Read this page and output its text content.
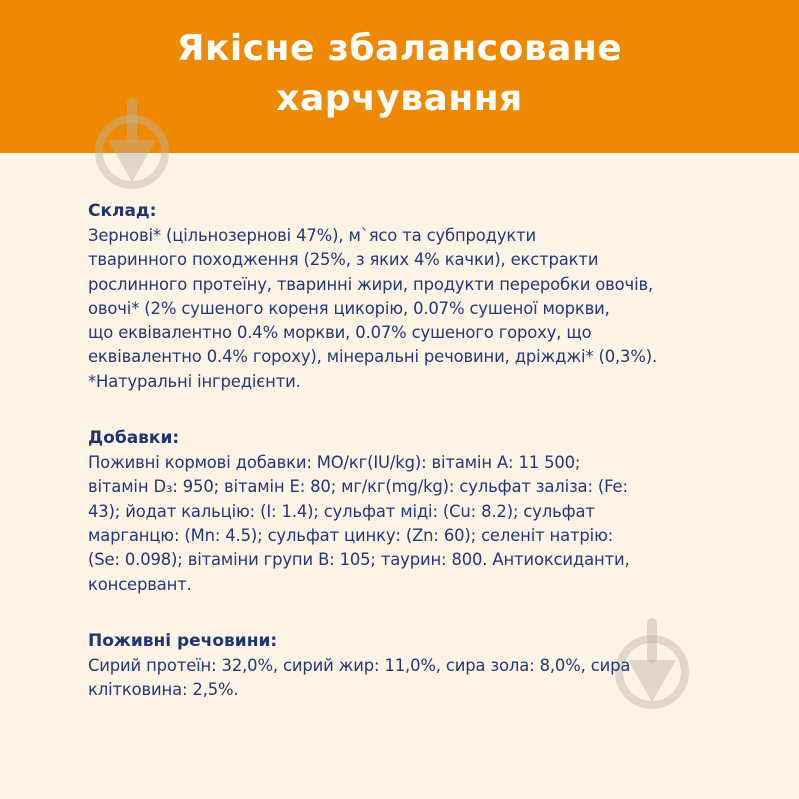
Якісне збалансоване
харчування
Склад:
Зернові* (цільнозернові 47%), м`ясо та субпродукти
тваринного походження (25%, з яких 4% качки), екстракти
рослинного протеїну, тваринні жири, продукти переробки овочів,
овочі* (2% сушеного кореня цикорію, 0.07% сушеної моркви,
що еквівалентно 0.4% моркви, 0.07% сушеного гороху, що
еквівалентно 0.4% гороху), мінеральні речовини, дріжджі* (0,3%).
*Натуральні інгредієнти.
Добавки:
Поживні кормові добавки: МО/кг(IU/kg): вітамін А: 11 500;
вітамін D₃: 950; вітамін Е: 80; мг/кг(mg/kg): сульфат заліза: (Fe:
43); йодат кальцію: (I: 1.4); сульфат міді: (Cu: 8.2); сульфат
марганцю: (Mn: 4.5); сульфат цинку: (Zn: 60); селеніт натрію:
(Se: 0.098); вітаміни групи В: 105; таурин: 800. Антиоксиданти,
консервант.
Поживні речовини:
Сирий протеїн: 32,0%, сирий жир: 11,0%, сира зола: 8,0%, сира
клітковина: 2,5%.
